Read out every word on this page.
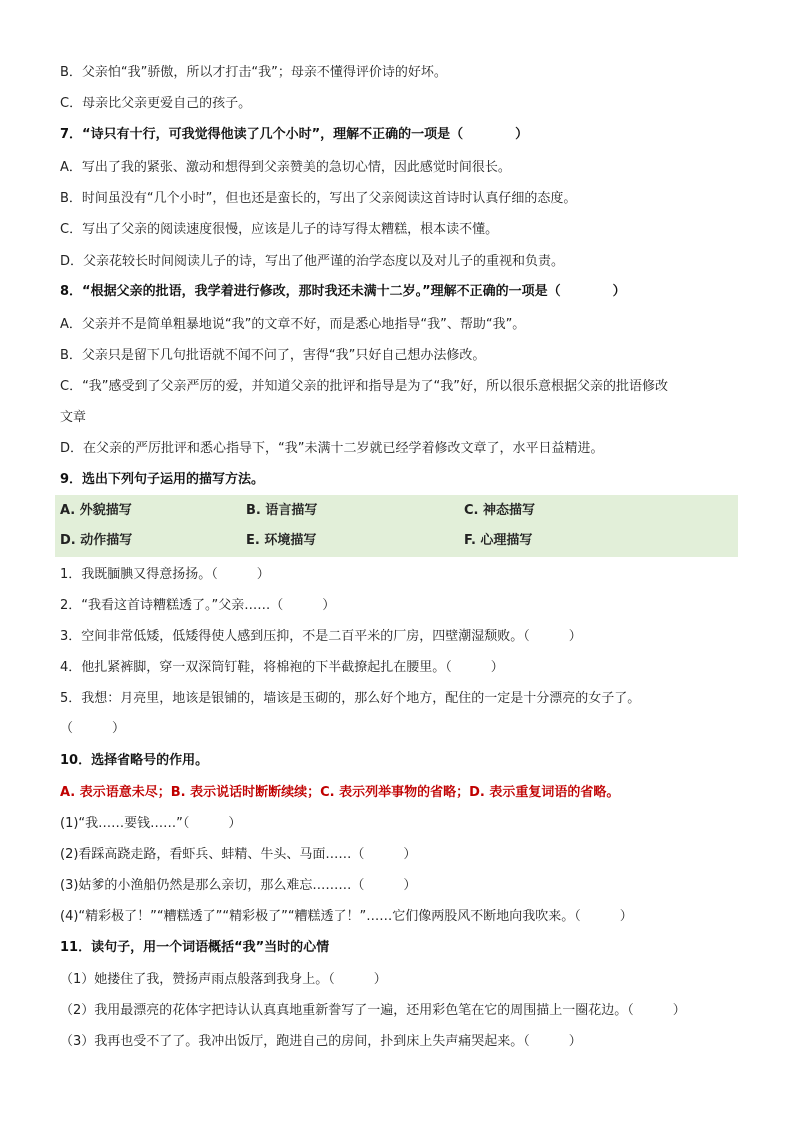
B．父亲怕“我”骄傲，所以才打击“我”；母亲不懂得评价诗的好坏。
C．母亲比父亲更爱自己的孩子。
7．“诗只有十行，可我觉得他读了几个小时”，理解不正确的一项是（　　　　）
A．写出了我的紧张、激动和想得到父亲赞美的急切心情，因此感觉时间很长。
B．时间虽没有“几个小时”，但也还是蛮长的，写出了父亲阅读这首诗时认真仔细的态度。
C．写出了父亲的阅读速度很慢，应该是儿子的诗写得太糟糕，根本读不懂。
D．父亲花较长时间阅读儿子的诗，写出了他严谨的治学态度以及对儿子的重视和负责。
8．“根据父亲的批语，我学着进行修改，那时我还未满十二岁。”理解不正确的一项是（　　　　）
A．父亲并不是简单粗暴地说“我”的文章不好，而是悉心地指导“我”、帮助“我”。
B．父亲只是留下几句批语就不闻不问了，害得“我”只好自己想办法修改。
C．“我”感受到了父亲严厉的爱，并知道父亲的批评和指导是为了“我”好，所以很乐意根据父亲的批语修改
文章
D．在父亲的严厉批评和悉心指导下，“我”未满十二岁就已经学着修改文章了，水平日益精进。
9．选出下列句子运用的描写方法。
A. 外貌描写	B. 语言描写	C. 神态描写
D. 动作描写	E. 环境描写	F. 心理描写
1．我既腼腆又得意扬扬。（　　　）
2．“我看这首诗糟糕透了。”父亲……（　　　）
3．空间非常低矮，低矮得使人感到压抑，不是二百平米的厂房，四壁潮湿颓败。（　　　）
4．他扎紧裤脚，穿一双深筒钉鞋，将棉袍的下半截撩起扎在腰里。（　　　）
5．我想：月亮里，地该是银铺的，墙该是玉砌的，那么好个地方，配住的一定是十分漂亮的女子了。
（　　　）
10．选择省略号的作用。
A. 表示语意未尽；B. 表示说话时断断续续；C. 表示列举事物的省略；D. 表示重复词语的省略。
(1)“我……要钱……”（　　　）
(2)看踩高跷走路，看虾兵、蚌精、牛头、马面……（　　　）
(3)姑爹的小渔船仍然是那么亲切，那么难忘………（　　　）
(4)“精彩极了！”“糟糕透了”“精彩极了”“糟糕透了！”……它们像两股风不断地向我吹来。（　　　）
11．读句子，用一个词语概括“我”当时的心情
（1）她搂住了我，赞扬声雨点般落到我身上。（　　　）
（2）我用最漂亮的花体字把诗认认真真地重新誊写了一遍，还用彩色笔在它的周围描上一圈花边。（　　　）
（3）我再也受不了了。我冲出饭厅，跑进自己的房间，扑到床上失声痛哭起来。（　　　）
